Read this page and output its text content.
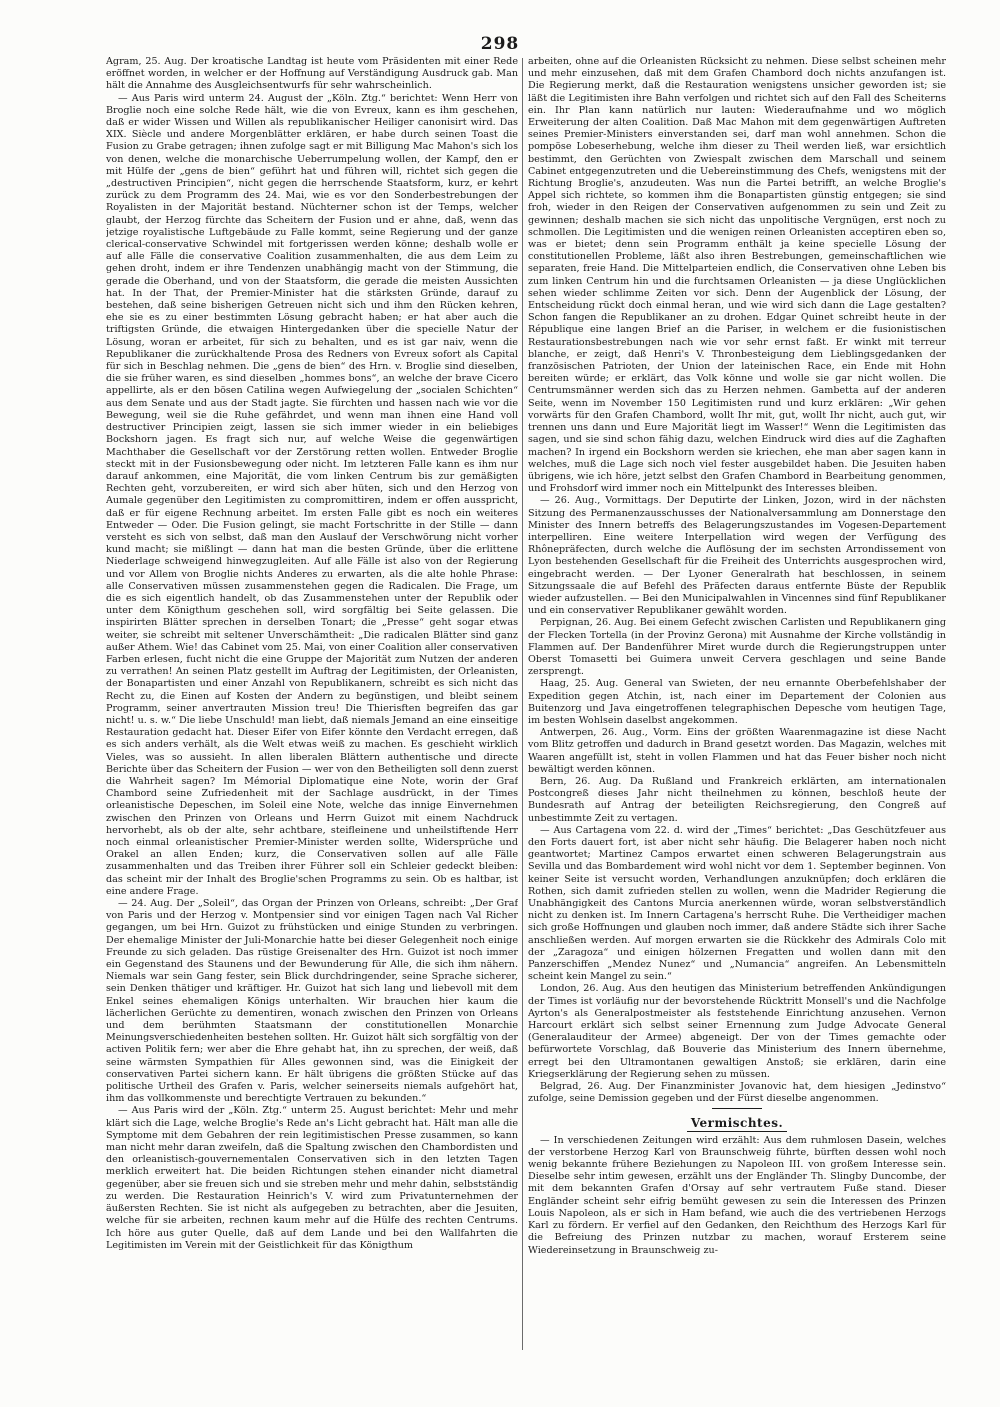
298

Agram, 25. Aug. Der kroatische Landtag ist heute vom Präsidenten mit einer Rede eröffnet worden, in welcher er der Hoffnung auf Verständigung Ausdruck gab. Man hält die Annahme des Ausgleichsentwurfs für sehr wahrscheinlich.

— Aus Paris wird unterm 24. August der „Köln. Ztg.“ berichtet: Wenn Herr von Broglie noch eine solche Rede hält, wie die von Evreux, kann es ihm geschehen, daß er wider Wissen und Willen als republikanischer Heiliger canonisirt wird. Das XIX. Siècle und andere Morgenblätter erklären, er habe durch seinen Toast die Fusion zu Grabe getragen; ihnen zufolge sagt er mit Billigung Mac Mahon's sich los von denen, welche die monarchische Ueberrumpelung wollen, der Kampf, den er mit Hülfe der „gens de bien“ geführt hat und führen will, richtet sich gegen die „destructiven Principien“, nicht gegen die herrschende Staatsform, kurz, er kehrt zurück zu dem Programm des 24. Mai, wie es vor den Sonderbestrebungen der Royalisten in der Majorität bestand. Nüchterner schon ist der Temps, welcher glaubt, der Herzog fürchte das Scheitern der Fusion und er ahne, daß, wenn das jetzige royalistische Luftgebäude zu Falle kommt, seine Regierung und der ganze clerical-conservative Schwindel mit fortgerissen werden könne; deshalb wolle er auf alle Fälle die conservative Coalition zusammenhalten, die aus dem Leim zu gehen droht, indem er ihre Tendenzen unabhängig macht von der Stimmung, die gerade die Oberhand, und von der Staatsform, die gerade die meisten Aussichten hat. In der That, der Premier-Minister hat die stärksten Gründe, darauf zu bestehen, daß seine bisherigen Getreuen nicht sich und ihm den Rücken kehren, ehe sie es zu einer bestimmten Lösung gebracht haben; er hat aber auch die triftigsten Gründe, die etwaigen Hintergedanken über die specielle Natur der Lösung, woran er arbeitet, für sich zu behalten, und es ist gar naiv, wenn die Republikaner die zurückhaltende Prosa des Redners von Evreux sofort als Capital für sich in Beschlag nehmen. Die „gens de bien“ des Hrn. v. Broglie sind dieselben, die sie früher waren, es sind dieselben „hommes bons“, an welche der brave Cicero appellirte, als er den bösen Catilina wegen Aufwiegelung der „socialen Schichten“ aus dem Senate und aus der Stadt jagte. Sie fürchten und hassen nach wie vor die Bewegung, weil sie die Ruhe gefährdet, und wenn man ihnen eine Hand voll destructiver Principien zeigt, lassen sie sich immer wieder in ein beliebiges Bockshorn jagen. Es fragt sich nur, auf welche Weise die gegenwärtigen Machthaber die Gesellschaft vor der Zerstörung retten wollen. Entweder Broglie steckt mit in der Fusionsbewegung oder nicht. Im letzteren Falle kann es ihm nur darauf ankommen, eine Majorität, die vom linken Centrum bis zur gemäßigten Rechten geht, vorzubereiten, er wird sich aber hüten, sich und den Herzog von Aumale gegenüber den Legitimisten zu compromittiren, indem er offen ausspricht, daß er für eigene Rechnung arbeitet. Im ersten Falle gibt es noch ein weiteres Entweder — Oder. Die Fusion gelingt, sie macht Fortschritte in der Stille — dann versteht es sich von selbst, daß man den Auslauf der Verschwörung nicht vorher kund macht; sie mißlingt — dann hat man die besten Gründe, über die erlittene Niederlage schweigend hinwegzugleiten. Auf alle Fälle ist also von der Regierung und vor Allem von Broglie nichts Anderes zu erwarten, als die alte hohle Phrase: alle Conservativen müssen zusammenstehen gegen die Radicalen. Die Frage, um die es sich eigentlich handelt, ob das Zusammenstehen unter der Republik oder unter dem Königthum geschehen soll, wird sorgfältig bei Seite gelassen. Die inspirirten Blätter sprechen in derselben Tonart; die „Presse“ geht sogar etwas weiter, sie schreibt mit seltener Unverschämtheit: „Die radicalen Blätter sind ganz außer Athem. Wie! das Cabinet vom 25. Mai, von einer Coalition aller conservativen Farben erlesen, fucht nicht die eine Gruppe der Majorität zum Nutzen der anderen zu verrathen! An seinen Platz gestellt im Auftrag der Legitimisten, der Orleanisten, der Bonapartisten und einer Anzahl von Republikanern, schreibt es sich nicht das Recht zu, die Einen auf Kosten der Andern zu begünstigen, und bleibt seinem Programm, seiner anvertrauten Mission treu! Die Thierisften begreifen das gar nicht! u. s. w.“ Die liebe Unschuld! man liebt, daß niemals Jemand an eine einseitige Restauration gedacht hat. Dieser Eifer von Eifer könnte den Verdacht erregen, daß es sich anders verhält, als die Welt etwas weiß zu machen. Es geschieht wirklich Vieles, was so aussieht. In allen liberalen Blättern authentische und directe Berichte über das Scheitern der Fusion — wer von den Betheiligten soll denn zuerst die Wahrheit sagen? Im Mémorial Diplomatique eine Note, worin der Graf Chambord seine Zufriedenheit mit der Sachlage ausdrückt, in der Times orleanistische Depeschen, im Soleil eine Note, welche das innige Einvernehmen zwischen den Prinzen von Orleans und Herrn Guizot mit einem Nachdruck hervorhebt, als ob der alte, sehr achtbare, steifleinene und unheilstiftende Herr noch einmal orleanistischer Premier-Minister werden sollte, Widersprüche und Orakel an allen Enden; kurz, die Conservativen sollen auf alle Fälle zusammenhalten und das Treiben ihrer Führer soll ein Schleier gedeckt bleiben: das scheint mir der Inhalt des Broglie'schen Programms zu sein. Ob es haltbar, ist eine andere Frage.

— 24. Aug. Der „Soleil“, das Organ der Prinzen von Orleans, schreibt: „Der Graf von Paris und der Herzog v. Montpensier sind vor einigen Tagen nach Val Richer gegangen, um bei Hrn. Guizot zu frühstücken und einige Stunden zu verbringen. Der ehemalige Minister der Juli-Monarchie hatte bei dieser Gelegenheit noch einige Freunde zu sich geladen. Das rüstige Greisenalter des Hrn. Guizot ist noch immer ein Gegenstand des Staunens und der Bewunderung für Alle, die sich ihm nähern. Niemals war sein Gang fester, sein Blick durchdringender, seine Sprache sicherer, sein Denken thätiger und kräftiger. Hr. Guizot hat sich lang und liebevoll mit dem Enkel seines ehemaligen Königs unterhalten. Wir brauchen hier kaum die lächerlichen Gerüchte zu dementiren, wonach zwischen den Prinzen von Orleans und dem berühmten Staatsmann der constitutionellen Monarchie Meinungsverschiedenheiten bestehen sollten. Hr. Guizot hält sich sorgfältig von der activen Politik fern; wer aber die Ehre gehabt hat, ihn zu sprechen, der weiß, daß seine wärmsten Sympathien für Alles gewonnen sind, was die Einigkeit der conservativen Partei sichern kann. Er hält übrigens die größten Stücke auf das politische Urtheil des Grafen v. Paris, welcher seinerseits niemals aufgehört hat, ihm das vollkommenste und berechtigte Vertrauen zu bekunden.“

— Aus Paris wird der „Köln. Ztg.“ unterm 25. August berichtet: Mehr und mehr klärt sich die Lage, welche Broglie's Rede an's Licht gebracht hat. Hält man alle die Symptome mit dem Gebahren der rein legitimistischen Presse zusammen, so kann man nicht mehr daran zweifeln, daß die Spaltung zwischen den Chambordisten und den orleanistisch-gouvernementalen Conservativen sich in den letzten Tagen merklich erweitert hat. Die beiden Richtungen stehen einander nicht diametral gegenüber, aber sie freuen sich und sie streben mehr und mehr dahin, selbstständig zu werden. Die Restauration Heinrich's V. wird zum Privatunternehmen der äußersten Rechten. Sie ist nicht als aufgegeben zu betrachten, aber die Jesuiten, welche für sie arbeiten, rechnen kaum mehr auf die Hülfe des rechten Centrums. Ich höre aus guter Quelle, daß auf dem Lande und bei den Wallfahrten die Legitimisten im Verein mit der Geistlichkeit für das Königthum

arbeiten, ohne auf die Orleanisten Rücksicht zu nehmen. Diese selbst scheinen mehr und mehr einzusehen, daß mit dem Grafen Chambord doch nichts anzufangen ist. Die Regierung merkt, daß die Restauration wenigstens unsicher geworden ist; sie läßt die Legitimisten ihre Bahn verfolgen und richtet sich auf den Fall des Scheiterns ein. Ihr Plan kann natürlich nur lauten: Wiederaufnahme und wo möglich Erweiterung der alten Coalition. Daß Mac Mahon mit dem gegenwärtigen Auftreten seines Premier-Ministers einverstanden sei, darf man wohl annehmen. Schon die pompöse Lobeserhebung, welche ihm dieser zu Theil werden ließ, war ersichtlich bestimmt, den Gerüchten von Zwiespalt zwischen dem Marschall und seinem Cabinet entgegenzutreten und die Uebereinstimmung des Chefs, wenigstens mit der Richtung Broglie's, anzudeuten. Was nun die Partei betrifft, an welche Broglie's Appel sich richtete, so kommen ihm die Bonapartisten günstig entgegen; sie sind froh, wieder in den Reigen der Conservativen aufgenommen zu sein und Zeit zu gewinnen; deshalb machen sie sich nicht das unpolitische Vergnügen, erst noch zu schmollen. Die Legitimisten und die wenigen reinen Orleanisten acceptiren eben so, was er bietet; denn sein Programm enthält ja keine specielle Lösung der constitutionellen Probleme, läßt also ihren Bestrebungen, gemeinschaftlichen wie separaten, freie Hand. Die Mittelparteien endlich, die Conservativen ohne Leben bis zum linken Centrum hin und die furchtsamen Orleanisten — ja diese Unglücklichen sehen wieder schlimme Zeiten vor sich. Denn der Augenblick der Lösung, der Entscheidung rückt doch einmal heran, und wie wird sich dann die Lage gestalten? Schon fangen die Republikaner an zu drohen. Edgar Quinet schreibt heute in der République eine langen Brief an die Pariser, in welchem er die fusionistischen Restaurationsbestrebungen nach wie vor sehr ernst faßt. Er winkt mit terreur blanche, er zeigt, daß Henri's V. Thronbesteigung dem Lieblingsgedanken der französischen Patrioten, der Union der lateinischen Race, ein Ende mit Hohn bereiten würde; er erklärt, das Volk könne und wolle sie gar nicht wollen. Die Centrumsmänner werden sich das zu Herzen nehmen. Gambetta auf der anderen Seite, wenn im November 150 Legitimisten rund und kurz erklären: „Wir gehen vorwärts für den Grafen Chambord, wollt Ihr mit, gut, wollt Ihr nicht, auch gut, wir trennen uns dann und Eure Majorität liegt im Wasser!“ Wenn die Legitimisten das sagen, und sie sind schon fähig dazu, welchen Eindruck wird dies auf die Zaghaften machen? In irgend ein Bockshorn werden sie kriechen, ehe man aber sagen kann in welches, muß die Lage sich noch viel fester ausgebildet haben. Die Jesuiten haben übrigens, wie ich höre, jetzt selbst den Grafen Chambord in Bearbeitung genommen, und Frohsdorf wird immer noch ein Mittelpunkt des Interesses bleiben.

— 26. Aug., Vormittags. Der Deputirte der Linken, Jozon, wird in der nächsten Sitzung des Permanenzausschusses der Nationalversammlung am Donnerstage den Minister des Innern betreffs des Belagerungszustandes im Vogesen-Departement interpelliren. Eine weitere Interpellation wird wegen der Verfügung des Rhônepräfecten, durch welche die Auflösung der im sechsten Arrondissement von Lyon bestehenden Gesellschaft für die Freiheit des Unterrichts ausgesprochen wird, eingebracht werden. — Der Lyoner Generalrath hat beschlossen, in seinem Sitzungssaale die auf Befehl des Präfecten daraus entfernte Büste der Republik wieder aufzustellen. — Bei den Municipalwahlen in Vincennes sind fünf Republikaner und ein conservativer Republikaner gewählt worden.

Perpignan, 26. Aug. Bei einem Gefecht zwischen Carlisten und Republikanern ging der Flecken Tortella (in der Provinz Gerona) mit Ausnahme der Kirche vollständig in Flammen auf. Der Bandenführer Miret wurde durch die Regierungstruppen unter Oberst Tomasetti bei Guimera unweit Cervera geschlagen und seine Bande zersprengt.

Haag, 25. Aug. General van Swieten, der neu ernannte Oberbefehlshaber der Expedition gegen Atchin, ist, nach einer im Departement der Colonien aus Buitenzorg und Java eingetroffenen telegraphischen Depesche vom heutigen Tage, im besten Wohlsein daselbst angekommen.

Antwerpen, 26. Aug., Vorm. Eins der größten Waarenmagazine ist diese Nacht vom Blitz getroffen und dadurch in Brand gesetzt worden. Das Magazin, welches mit Waaren angefüllt ist, steht in vollen Flammen und hat das Feuer bisher noch nicht bewältigt werden können.

Bern, 26. Aug. Da Rußland und Frankreich erklärten, am internationalen Postcongreß dieses Jahr nicht theilnehmen zu können, beschloß heute der Bundesrath auf Antrag der beteiligten Reichsregierung, den Congreß auf unbestimmte Zeit zu vertagen.

— Aus Cartagena vom 22. d. wird der „Times“ berichtet: „Das Geschützfeuer aus den Forts dauert fort, ist aber nicht sehr häufig. Die Belagerer haben noch nicht geantwortet; Martinez Campos erwartet einen schweren Belagerungstrain aus Sevilla und das Bombardement wird wohl nicht vor dem 1. September beginnen. Von keiner Seite ist versucht worden, Verhandlungen anzuknüpfen; doch erklären die Rothen, sich damit zufrieden stellen zu wollen, wenn die Madrider Regierung die Unabhängigkeit des Cantons Murcia anerkennen würde, woran selbstverständlich nicht zu denken ist. Im Innern Cartagena's herrscht Ruhe. Die Vertheidiger machen sich große Hoffnungen und glauben noch immer, daß andere Städte sich ihrer Sache anschließen werden. Auf morgen erwarten sie die Rückkehr des Admirals Colo mit der „Zaragoza“ und einigen hölzernen Fregatten und wollen dann mit den Panzerschiffen „Mendez Nunez“ und „Numancia“ angreifen. An Lebensmitteln scheint kein Mangel zu sein.“

London, 26. Aug. Aus den heutigen das Ministerium betreffenden Ankündigungen der Times ist vorläufig nur der bevorstehende Rücktritt Monsell's und die Nachfolge Ayrton's als Generalpostmeister als feststehende Einrichtung anzusehen. Vernon Harcourt erklärt sich selbst seiner Ernennung zum Judge Advocate General (Generalauditeur der Armee) abgeneigt. Der von der Times gemachte oder befürwortete Vorschlag, daß Bouverie das Ministerium des Innern übernehme, erregt bei den Ultramontanen gewaltigen Anstoß; sie erklären, darin eine Kriegserklärung der Regierung sehen zu müssen.

Belgrad, 26. Aug. Der Finanzminister Jovanovic hat, dem hiesigen „Jedinstvo“ zufolge, seine Demission gegeben und der Fürst dieselbe angenommen.

Vermischtes.

— In verschiedenen Zeitungen wird erzählt: Aus dem ruhmlosen Dasein, welches der verstorbene Herzog Karl von Braunschweig führte, bürften dessen wohl noch wenig bekannte frühere Beziehungen zu Napoleon III. von großem Interesse sein. Dieselbe sehr intim gewesen, erzählt uns der Engländer Th. Slingby Duncombe, der mit dem bekannten Grafen d'Orsay auf sehr vertrautem Fuße stand. Dieser Engländer scheint sehr eifrig bemüht gewesen zu sein die Interessen des Prinzen Louis Napoleon, als er sich in Ham befand, wie auch die des vertriebenen Herzogs Karl zu fördern. Er verfiel auf den Gedanken, den Reichthum des Herzogs Karl für die Befreiung des Prinzen nutzbar zu machen, worauf Ersterem seine Wiedereinsetzung in Braunschweig zu-
